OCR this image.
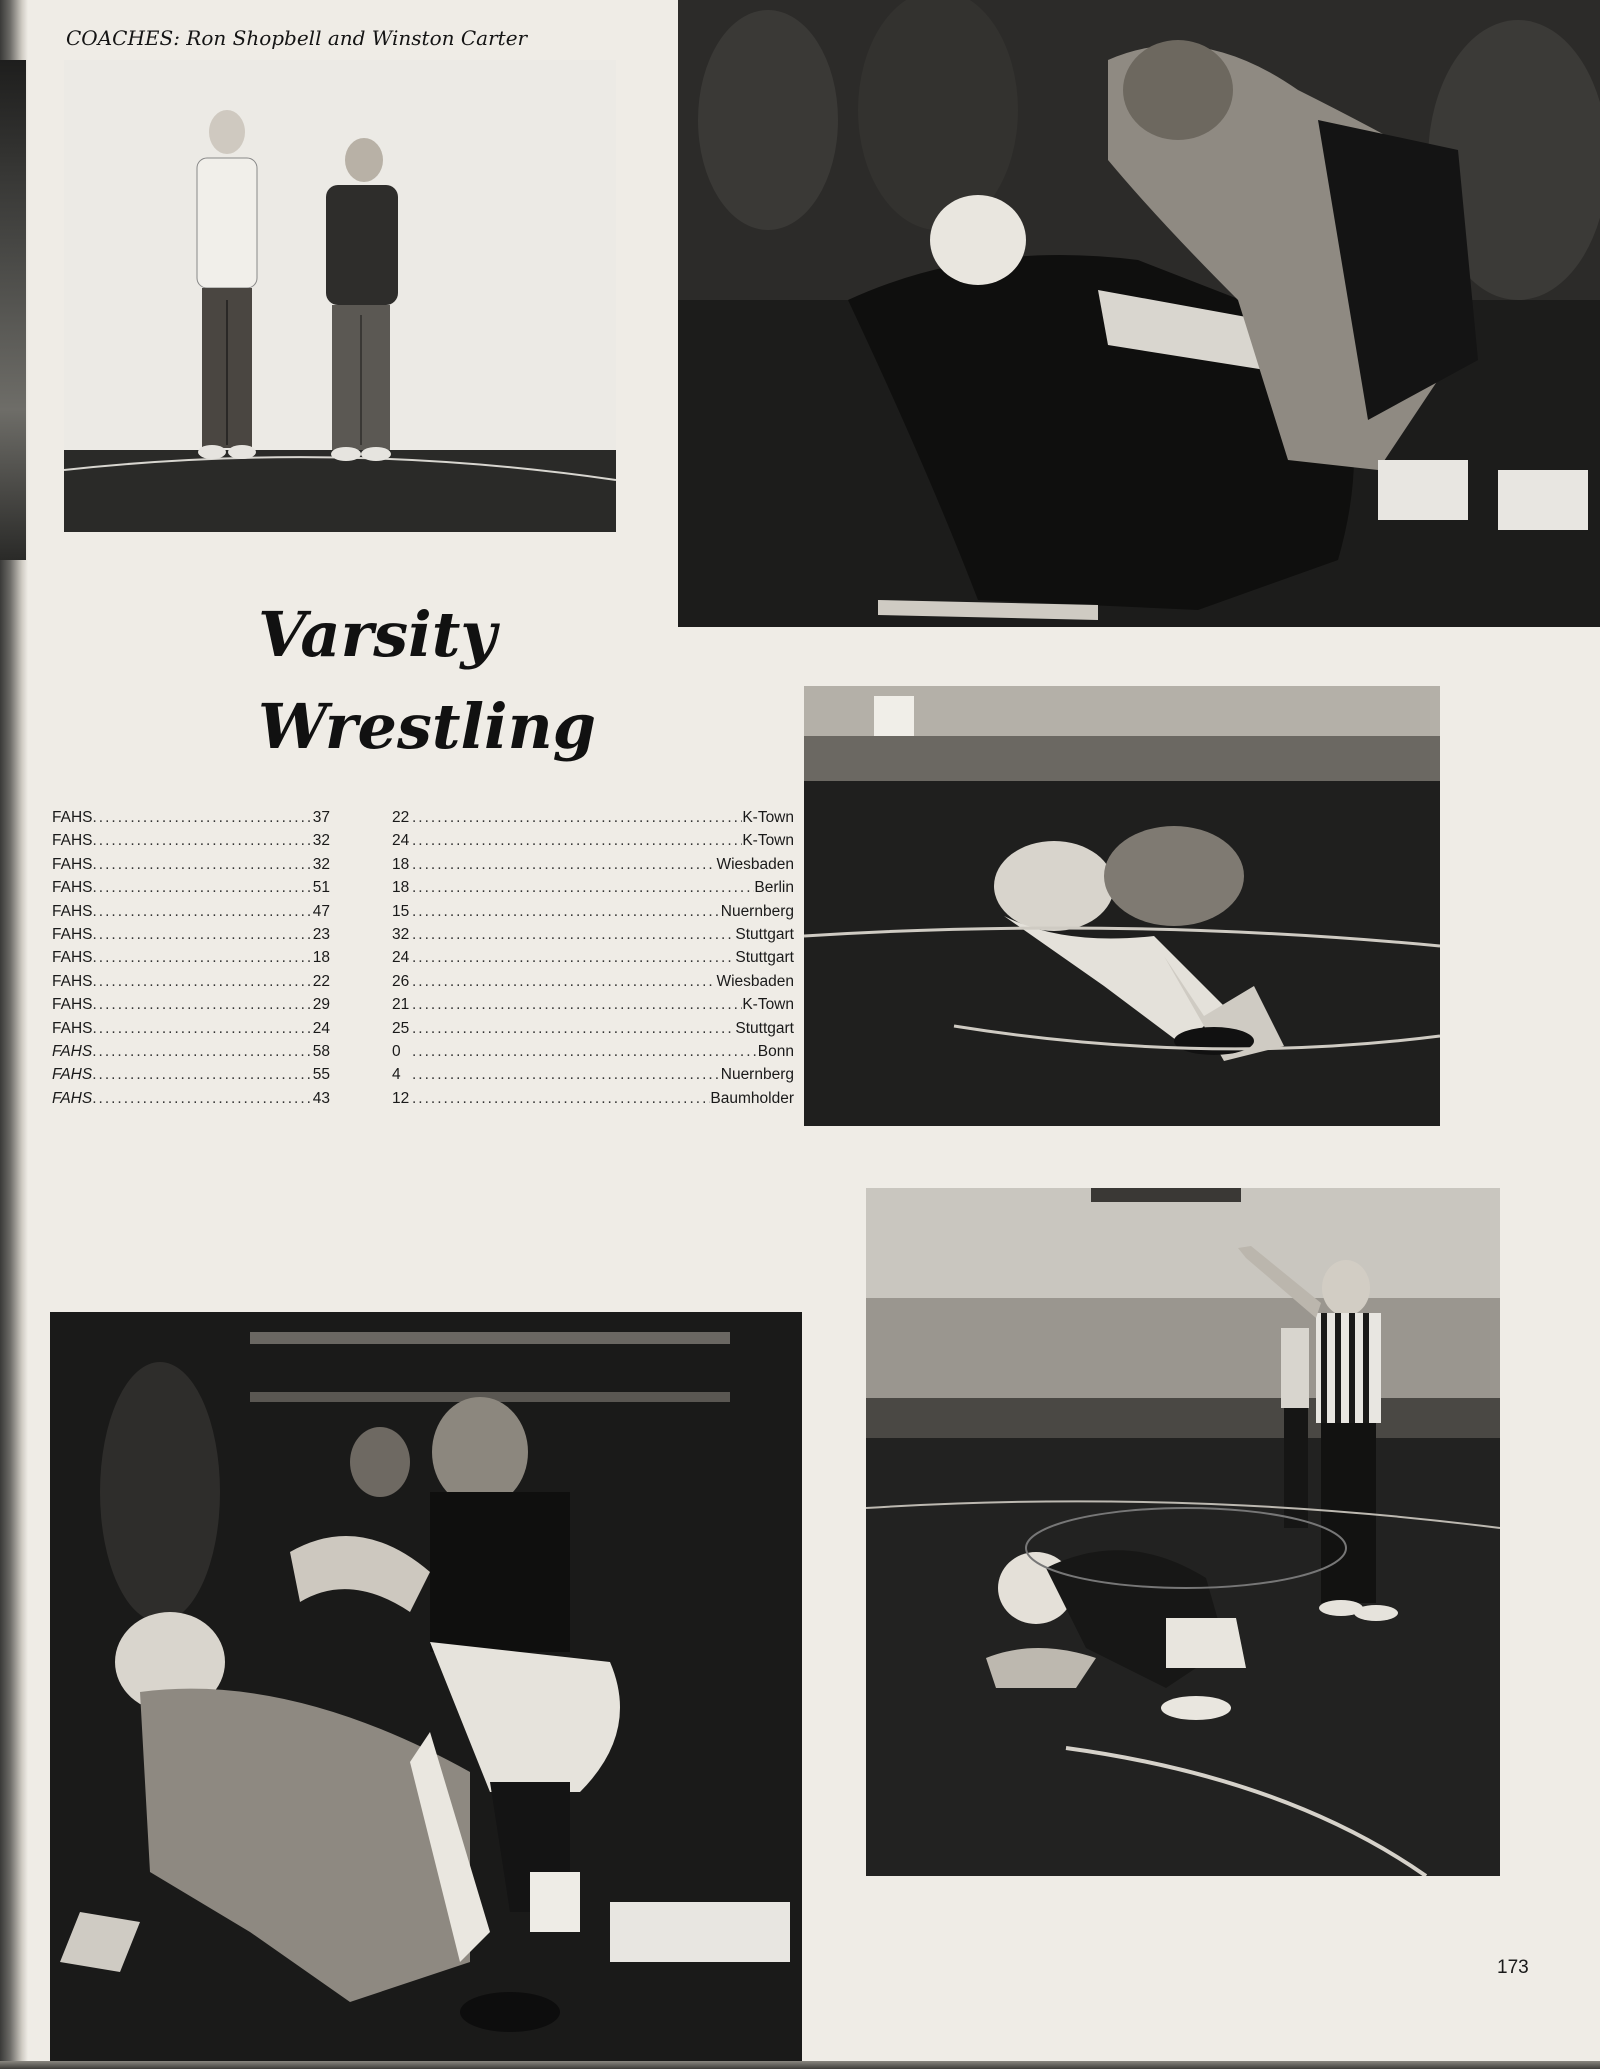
COACHES: Ron Shopbell and Winston Carter
Varsity
Wrestling
FAHS .....	37	22 .....	K-Town
FAHS .....	32	24 .....	K-Town
FAHS .....	32	18 .....	Wiesbaden
FAHS .....	51	18 .....	Berlin
FAHS .....	47	15 .....	Nuernberg
FAHS .....	23	32 .....	Stuttgart
FAHS .....	18	24 .....	Stuttgart
FAHS .....	22	26 .....	Wiesbaden
FAHS .....	29	21 .....	K-Town
FAHS .....	24	25 .....	Stuttgart
FAHS .....	58	0 .....	Bonn
FAHS .....	55	4 .....	Nuernberg
FAHS .....	43	12 .....	Baumholder
173
